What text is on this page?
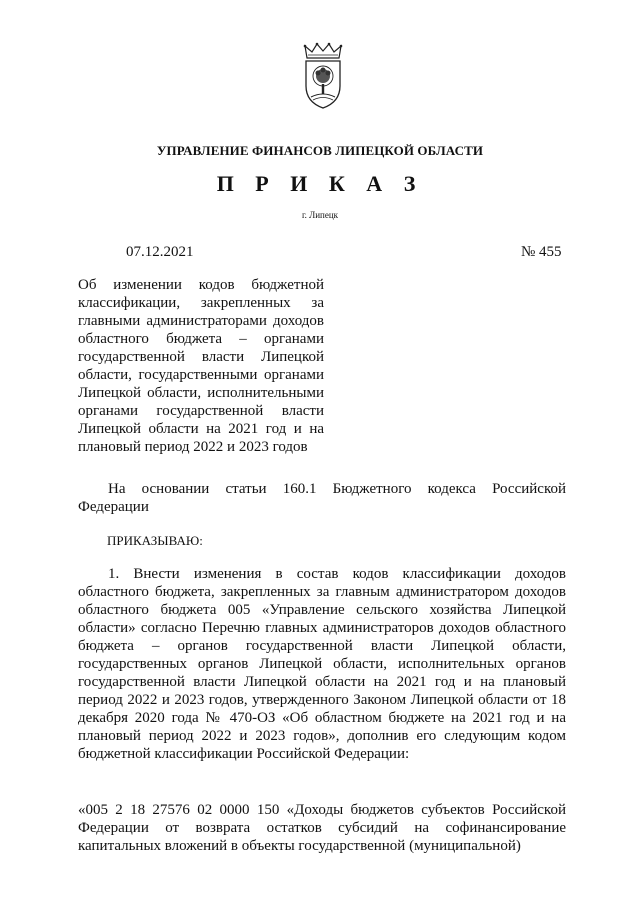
УПРАВЛЕНИЕ ФИНАНСОВ ЛИПЕЦКОЙ ОБЛАСТИ
П Р И К А З
г. Липецк
07.12.2021	№ 455
Об изменении кодов бюджетной классификации, закрепленных за главными администраторами доходов областного бюджета – органами государственной власти Липецкой области, государственными органами Липецкой области, исполнительными органами государственной власти Липецкой области на 2021 год и на плановый период 2022 и 2023 годов
На основании статьи 160.1 Бюджетного кодекса Российской Федерации
ПРИКАЗЫВАЮ:
1. Внести изменения в состав кодов классификации доходов областного бюджета, закрепленных за главным администратором доходов областного бюджета 005 «Управление сельского хозяйства Липецкой области» согласно Перечню главных администраторов доходов областного бюджета – органов государственной власти Липецкой области, государственных органов Липецкой области, исполнительных органов государственной власти Липецкой области на 2021 год и на плановый период 2022 и 2023 годов, утвержденного Законом Липецкой области от 18 декабря 2020 года № 470-ОЗ «Об областном бюджете на 2021 год и на плановый период 2022 и 2023 годов», дополнив его следующим кодом бюджетной классификации Российской Федерации:
«005 2 18 27576 02 0000 150 «Доходы бюджетов субъектов Российской Федерации от возврата остатков субсидий на софинансирование капитальных вложений в объекты государственной (муниципальной)
